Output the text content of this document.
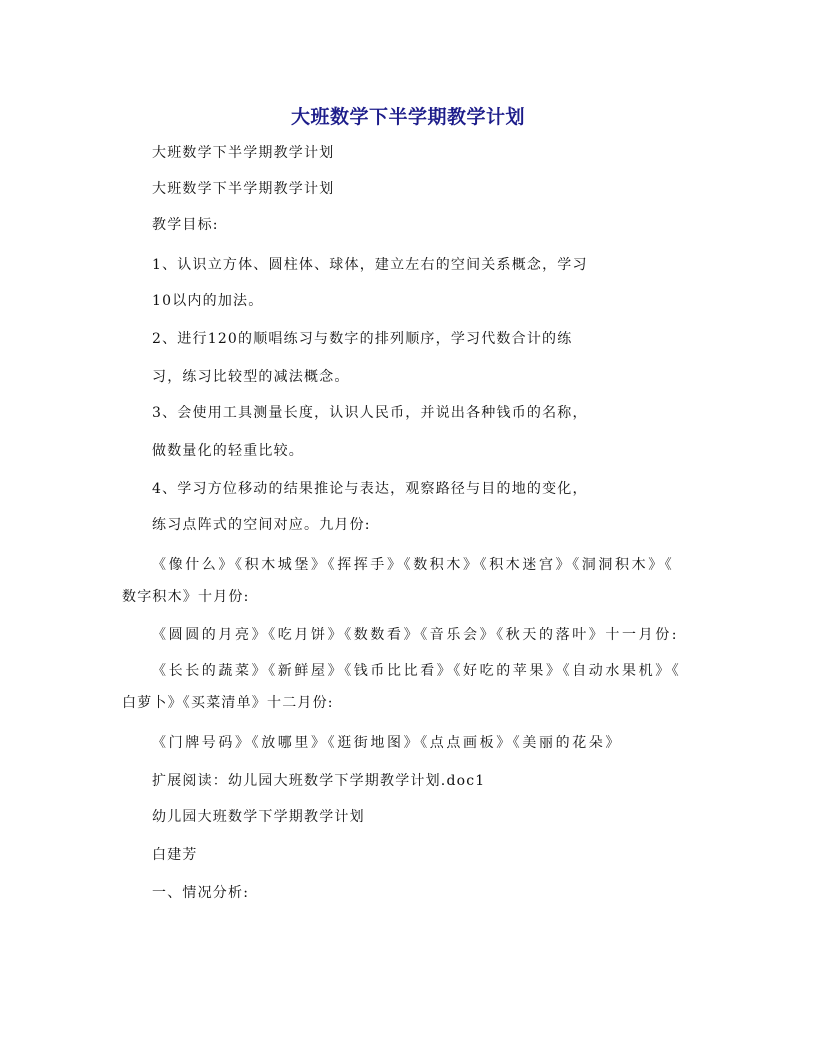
大班数学下半学期教学计划
大班数学下半学期教学计划
大班数学下半学期教学计划
教学目标:
1、认识立方体、圆柱体、球体，建立左右的空间关系概念，学习
10以内的加法。
2、进行120的顺唱练习与数字的排列顺序，学习代数合计的练
习，练习比较型的减法概念。
3、会使用工具测量长度，认识人民币，并说出各种钱币的名称，
做数量化的轻重比较。
4、学习方位移动的结果推论与表达，观察路径与目的地的变化，
练习点阵式的空间对应。九月份:
《像什么》《积木城堡》《挥挥手》《数积木》《积木迷宫》《洞洞积木》《
数字积木》十月份:
《圆圆的月亮》《吃月饼》《数数看》《音乐会》《秋天的落叶》十一月份:
《长长的蔬菜》《新鲜屋》《钱币比比看》《好吃的苹果》《自动水果机》《
白萝卜》《买菜清单》十二月份:
《门牌号码》《放哪里》《逛街地图》《点点画板》《美丽的花朵》
扩展阅读：幼儿园大班数学下学期教学计划.doc1
幼儿园大班数学下学期教学计划
白建芳
一、情况分析:
